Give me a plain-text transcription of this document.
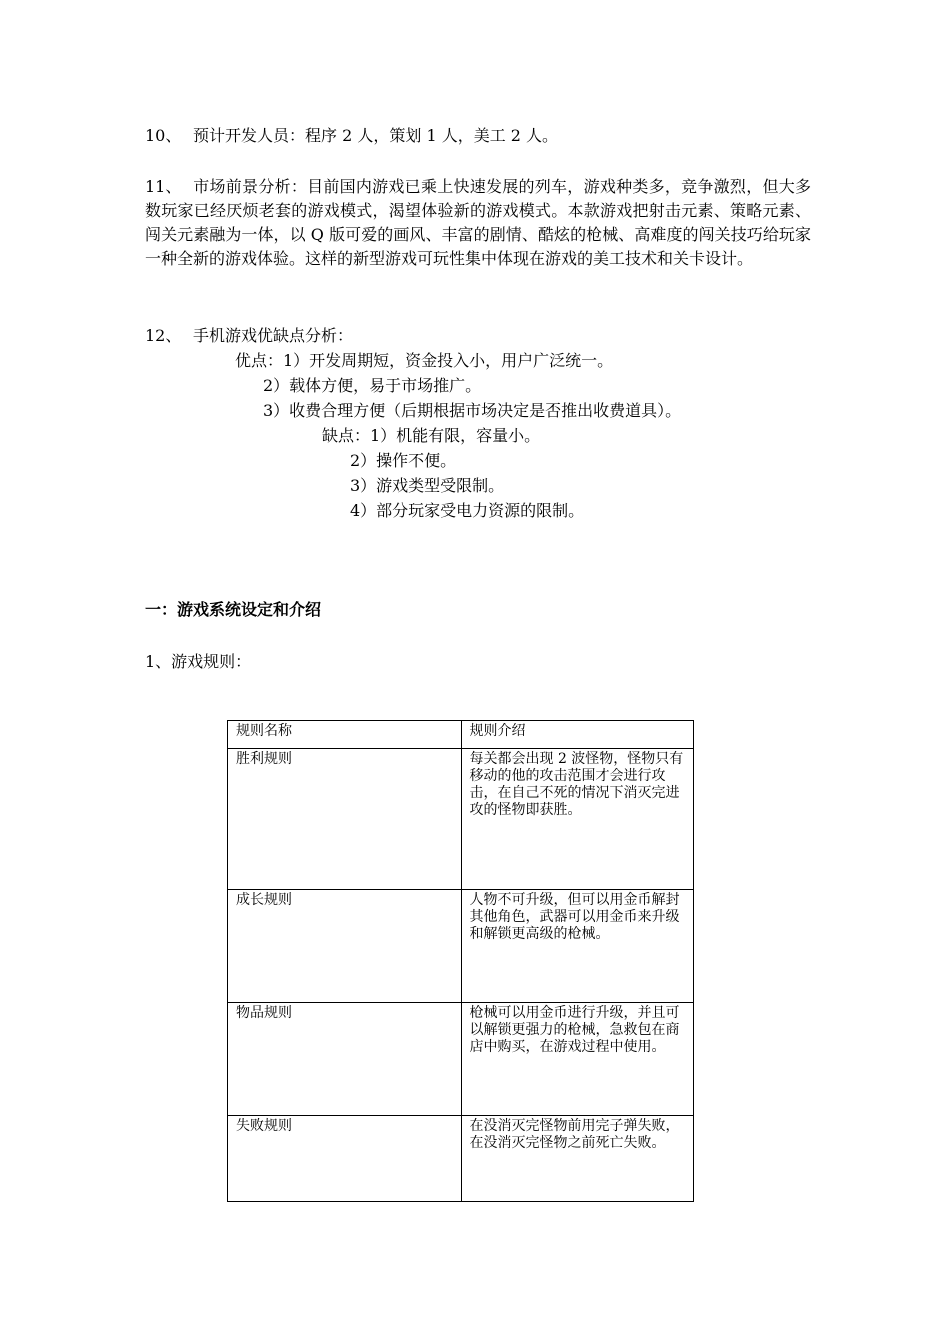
10、 预计开发人员：程序 2 人，策划 1 人，美工 2 人。
11、 市场前景分析：目前国内游戏已乘上快速发展的列车，游戏种类多，竞争激烈，但大多数玩家已经厌烦老套的游戏模式，渴望体验新的游戏模式。本款游戏把射击元素、策略元素、闯关元素融为一体，以 Q 版可爱的画风、丰富的剧情、酷炫的枪械、高难度的闯关技巧给玩家一种全新的游戏体验。这样的新型游戏可玩性集中体现在游戏的美工技术和关卡设计。
12、 手机游戏优缺点分析：
优点：1）开发周期短，资金投入小，用户广泛统一。
2）载体方便，易于市场推广。
3）收费合理方便（后期根据市场决定是否推出收费道具）。
缺点：1）机能有限，容量小。
2）操作不便。
3）游戏类型受限制。
4）部分玩家受电力资源的限制。
一：游戏系统设定和介绍
1、游戏规则：
规则名称	规则介绍
胜利规则	每关都会出现 2 波怪物，怪物只有移动的他的攻击范围才会进行攻击，在自己不死的情况下消灭完进攻的怪物即获胜。
成长规则	人物不可升级，但可以用金币解封其他角色，武器可以用金币来升级和解锁更高级的枪械。
物品规则	枪械可以用金币进行升级，并且可以解锁更强力的枪械，急救包在商店中购买，在游戏过程中使用。
失败规则	在没消灭完怪物前用完子弹失败，在没消灭完怪物之前死亡失败。
